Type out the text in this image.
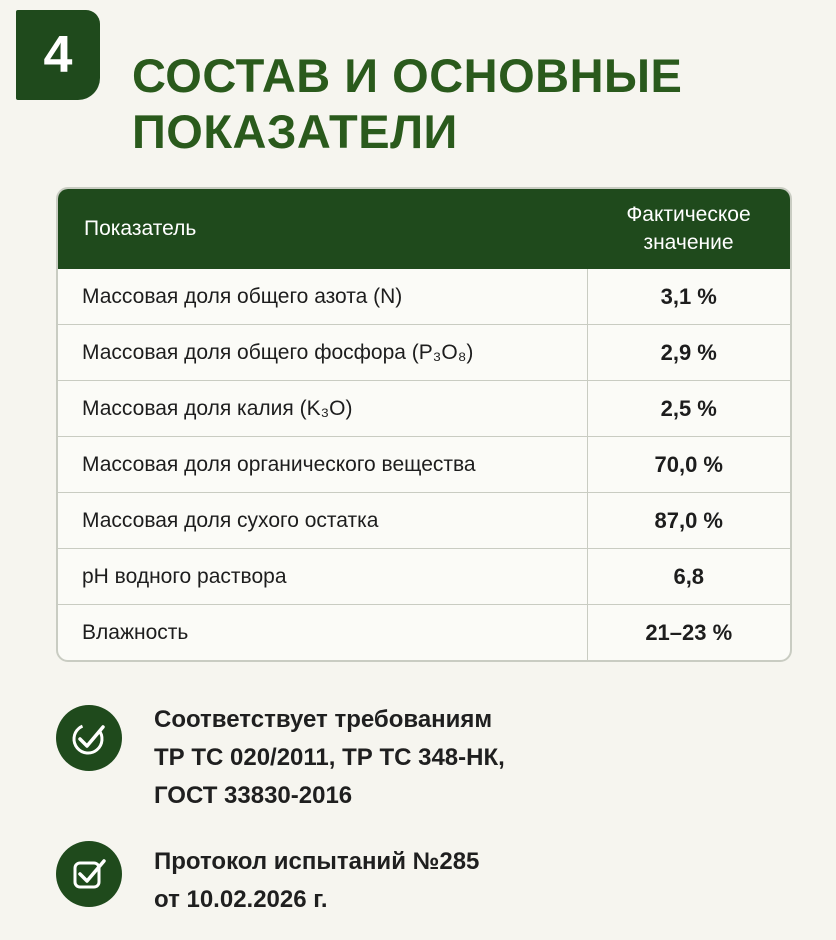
4 СОСТАВ И ОСНОВНЫЕ ПОКАЗАТЕЛИ
Показатель	Фактическое
значение

Массовая доля общего азота (N)	3,1 %
Массовая доля общего фосфора (P₃O₈)	2,9 %
Массовая доля калия (K₃O)	2,5 %
Массовая доля органического вещества	70,0 %
Массовая доля сухого остатка	87,0 %
pH водного раствора	6,8
Влажность	21–23 %
Соответствует требованиям
ТР ТС 020/2011, ТР ТС 348-НК,
ГОСТ 33830-2016
Протокол испытаний №285
от 10.02.2026 г.
